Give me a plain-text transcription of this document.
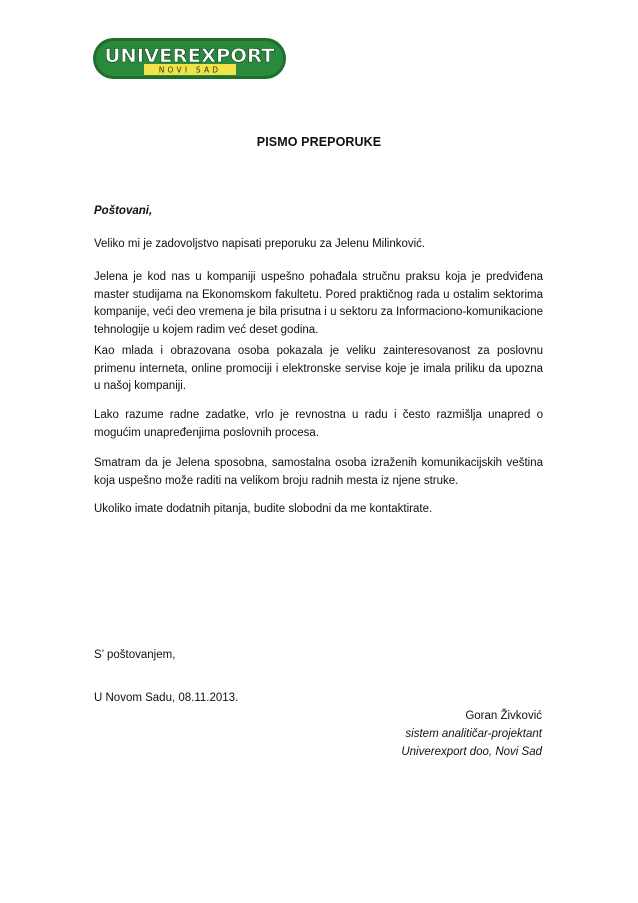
UNIVEREXPORT
NOVI SAD
PISMO PREPORUKE
Poštovani,
Veliko mi je zadovoljstvo napisati preporuku za Jelenu Milinković.
Jelena je kod nas u kompaniji uspešno pohađala stručnu praksu koja je predviđena master studijama na Ekonomskom fakultetu. Pored praktičnog rada u ostalim sektorima kompanije, veći deo vremena je bila prisutna i u sektoru za Informaciono-komunikacione tehnologije u kojem radim već deset godina.
Kao mlada i obrazovana osoba pokazala je veliku zainteresovanost za poslovnu primenu interneta, online promociji i elektronske servise koje je imala priliku da upozna u našoj kompaniji.
Lako razume radne zadatke, vrlo je revnostna u radu i često razmišlja unapred o mogućim unapređenjima poslovnih procesa.
Smatram da je Jelena sposobna, samostalna osoba izraženih komunikacijskih veština koja uspešno može raditi na velikom broju radnih mesta iz njene struke.
Ukoliko imate dodatnih pitanja, budite slobodni da me kontaktirate.
S’ poštovanjem,
U Novom Sadu, 08.11.2013.
Goran Živković
sistem analitičar-projektant
Univerexport doo, Novi Sad
